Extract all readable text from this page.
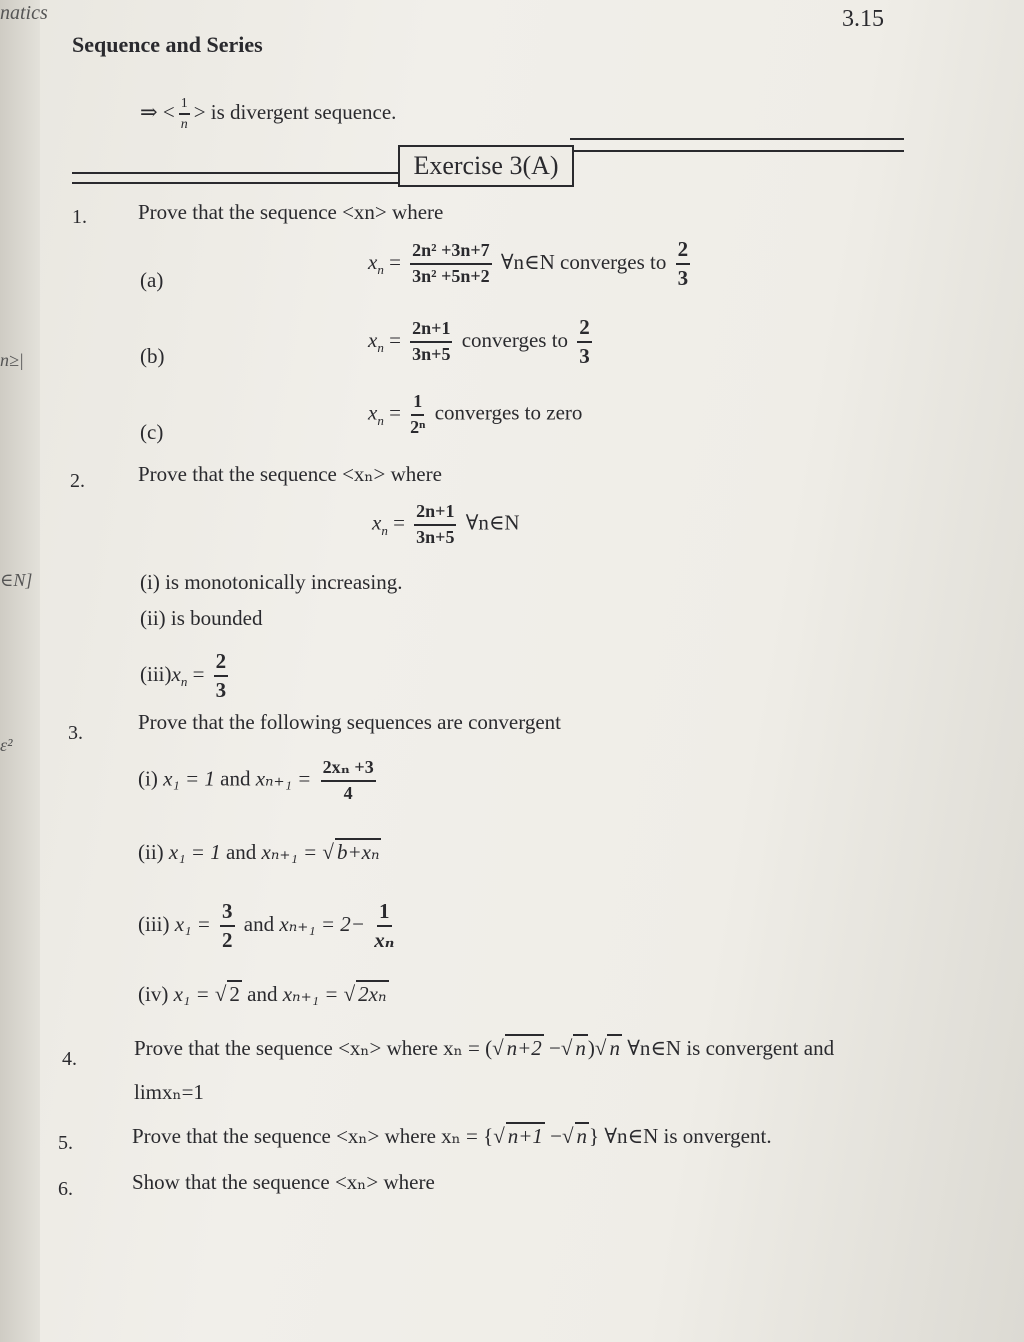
natics
n≥|
∈N]
ε²
Sequence and Series
3.15
⇒ < $\frac{1}{n}$ > is divergent sequence.
Exercise 3(A)
1. Prove that the sequence <xn> where
(a)
$x_n = \frac{\text{2n² +3n+7}}{\text{3n² +5n+2}}$ ∀n∈N converges to $\frac{2}{3}$
(b)
$x_n = \frac{2n+1}{3n+5}$ converges to $\frac{2}{3}$
(c)
$x_n = \frac{1}{\text{2ⁿ}}$ converges to zero
2.	Prove that the sequence <xₙ> where
$x_n = \frac{2n+1}{3n+5}$ ∀n∈N
(i) is monotonically increasing.
(ii) is bounded
$(iii)x_n = \frac{2}{3}$
3.	Prove that the following sequences are convergent
(i) x₁ = 1 and $x_{n+1} = \frac{\text{2xₙ +3}}{4}$
(ii) x₁ = 1 and xₙ₊₁ = √ b+xₙ
(iii) $x_1 = \frac{3}{2}$ and $x_{n+1} = 2- \frac{1}{\text{xₙ}}$
(iv) x₁ = √ 2 and xₙ₊₁ = √ 2xₙ
4.	Prove that the sequence <xₙ> where xₙ = (√ n+2 −√ n)√ n ∀n∈N is convergent and
limxₙ=1
5.	Prove that the sequence <xₙ> where xₙ = {√ n+1 −√ n} ∀n∈N is onvergent.
6.	Show that the sequence <xₙ> where
